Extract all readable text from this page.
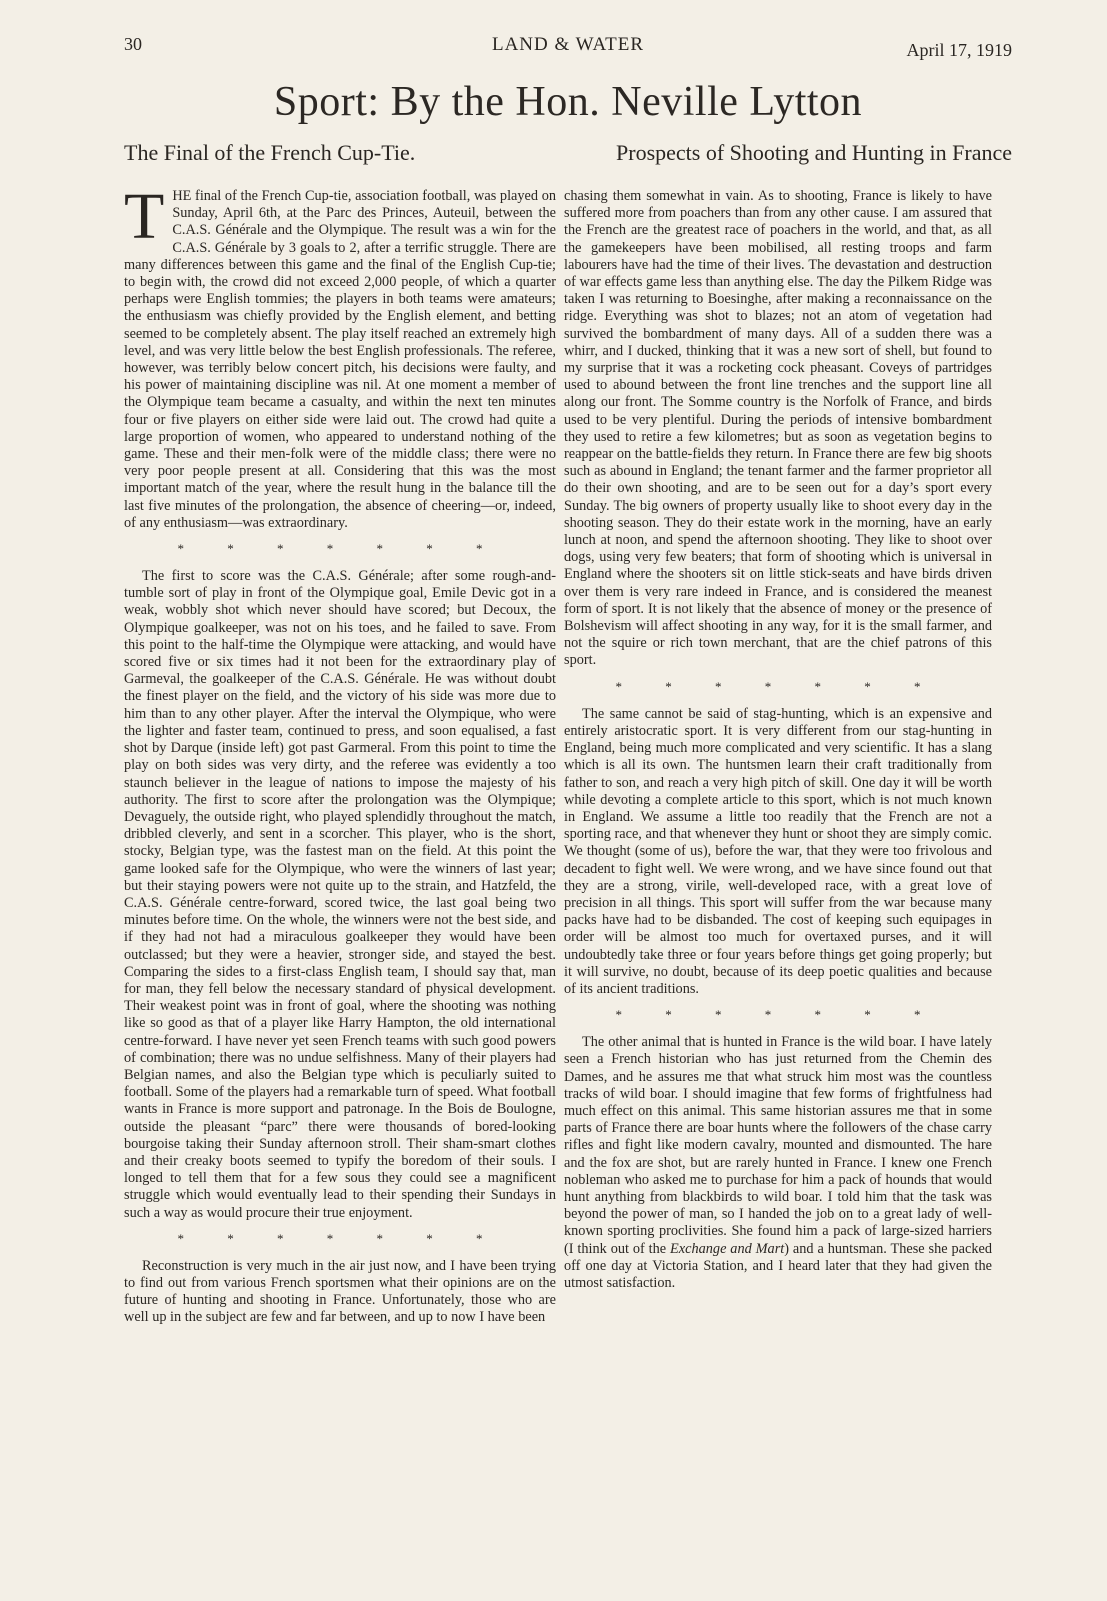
30	LAND & WATER	April 17, 1919
Sport: By the Hon. Neville Lytton
The Final of the French Cup-Tie.	Prospects of Shooting and Hunting in France

THE final of the French Cup-tie, association football, was played on Sunday, April 6th, at the Parc des Princes, Auteuil, between the C.A.S. Générale and the Olympique. The result was a win for the C.A.S. Générale by 3 goals to 2, after a terrific struggle. There are many differences between this game and the final of the English Cup-tie; to begin with, the crowd did not exceed 2,000 people, of which a quarter perhaps were English tommies; the players in both teams were amateurs; the enthusiasm was chiefly provided by the English element, and betting seemed to be completely absent. The play itself reached an extremely high level, and was very little below the best English professionals. The referee, however, was terribly below concert pitch, his decisions were faulty, and his power of maintaining discipline was nil. At one moment a member of the Olympique team became a casualty, and within the next ten minutes four or five players on either side were laid out. The crowd had quite a large proportion of women, who appeared to understand nothing of the game. These and their men-folk were of the middle class; there were no very poor people present at all. Considering that this was the most important match of the year, where the result hung in the balance till the last five minutes of the prolongation, the absence of cheering—or, indeed, of any enthusiasm—was extraordinary.

* * * * * * *

The first to score was the C.A.S. Générale; after some rough-and-tumble sort of play in front of the Olympique goal, Emile Devic got in a weak, wobbly shot which never should have scored; but Decoux, the Olympique goalkeeper, was not on his toes, and he failed to save. From this point to the half-time the Olympique were attacking, and would have scored five or six times had it not been for the extraordinary play of Garmeval, the goalkeeper of the C.A.S. Générale. He was without doubt the finest player on the field, and the victory of his side was more due to him than to any other player. After the interval the Olympique, who were the lighter and faster team, continued to press, and soon equalised, a fast shot by Darque (inside left) got past Garmeral. From this point to time the play on both sides was very dirty, and the referee was evidently a too staunch believer in the league of nations to impose the majesty of his authority. The first to score after the prolongation was the Olympique; Devaguely, the outside right, who played splendidly throughout the match, dribbled cleverly, and sent in a scorcher. This player, who is the short, stocky, Belgian type, was the fastest man on the field. At this point the game looked safe for the Olympique, who were the winners of last year; but their staying powers were not quite up to the strain, and Hatzfeld, the C.A.S. Générale centre-forward, scored twice, the last goal being two minutes before time. On the whole, the winners were not the best side, and if they had not had a miraculous goalkeeper they would have been outclassed; but they were a heavier, stronger side, and stayed the best. Comparing the sides to a first-class English team, I should say that, man for man, they fell below the necessary standard of physical development. Their weakest point was in front of goal, where the shooting was nothing like so good as that of a player like Harry Hampton, the old international centre-forward. I have never yet seen French teams with such good powers of combination; there was no undue selfishness. Many of their players had Belgian names, and also the Belgian type which is peculiarly suited to football. Some of the players had a remarkable turn of speed. What football wants in France is more support and patronage. In the Bois de Boulogne, outside the pleasant “parc” there were thousands of bored-looking bourgoise taking their Sunday afternoon stroll. Their sham-smart clothes and their creaky boots seemed to typify the boredom of their souls. I longed to tell them that for a few sous they could see a magnificent struggle which would eventually lead to their spending their Sundays in such a way as would procure their true enjoyment.

* * * * * * *

Reconstruction is very much in the air just now, and I have been trying to find out from various French sportsmen what their opinions are on the future of hunting and shooting in France. Unfortunately, those who are well up in the subject are few and far between, and up to now I have been

chasing them somewhat in vain. As to shooting, France is likely to have suffered more from poachers than from any other cause. I am assured that the French are the greatest race of poachers in the world, and that, as all the gamekeepers have been mobilised, all resting troops and farm labourers have had the time of their lives. The devastation and destruction of war effects game less than anything else. The day the Pilkem Ridge was taken I was returning to Boesinghe, after making a reconnaissance on the ridge. Everything was shot to blazes; not an atom of vegetation had survived the bombardment of many days. All of a sudden there was a whirr, and I ducked, thinking that it was a new sort of shell, but found to my surprise that it was a rocketing cock pheasant. Coveys of partridges used to abound between the front line trenches and the support line all along our front. The Somme country is the Norfolk of France, and birds used to be very plentiful. During the periods of intensive bombardment they used to retire a few kilometres; but as soon as vegetation begins to reappear on the battle-fields they return. In France there are few big shoots such as abound in England; the tenant farmer and the farmer proprietor all do their own shooting, and are to be seen out for a day’s sport every Sunday. The big owners of property usually like to shoot every day in the shooting season. They do their estate work in the morning, have an early lunch at noon, and spend the afternoon shooting. They like to shoot over dogs, using very few beaters; that form of shooting which is universal in England where the shooters sit on little stick-seats and have birds driven over them is very rare indeed in France, and is considered the meanest form of sport. It is not likely that the absence of money or the presence of Bolshevism will affect shooting in any way, for it is the small farmer, and not the squire or rich town merchant, that are the chief patrons of this sport.

* * * * * * *

The same cannot be said of stag-hunting, which is an expensive and entirely aristocratic sport. It is very different from our stag-hunting in England, being much more complicated and very scientific. It has a slang which is all its own. The huntsmen learn their craft traditionally from father to son, and reach a very high pitch of skill. One day it will be worth while devoting a complete article to this sport, which is not much known in England. We assume a little too readily that the French are not a sporting race, and that whenever they hunt or shoot they are simply comic. We thought (some of us), before the war, that they were too frivolous and decadent to fight well. We were wrong, and we have since found out that they are a strong, virile, well-developed race, with a great love of precision in all things. This sport will suffer from the war because many packs have had to be disbanded. The cost of keeping such equipages in order will be almost too much for overtaxed purses, and it will undoubtedly take three or four years before things get going properly; but it will survive, no doubt, because of its deep poetic qualities and because of its ancient traditions.

* * * * * * *

The other animal that is hunted in France is the wild boar. I have lately seen a French historian who has just returned from the Chemin des Dames, and he assures me that what struck him most was the countless tracks of wild boar. I should imagine that few forms of frightfulness had much effect on this animal. This same historian assures me that in some parts of France there are boar hunts where the followers of the chase carry rifles and fight like modern cavalry, mounted and dismounted. The hare and the fox are shot, but are rarely hunted in France. I knew one French nobleman who asked me to purchase for him a pack of hounds that would hunt anything from blackbirds to wild boar. I told him that the task was beyond the power of man, so I handed the job on to a great lady of well-known sporting proclivities. She found him a pack of large-sized harriers (I think out of the Exchange and Mart) and a huntsman. These she packed off one day at Victoria Station, and I heard later that they had given the utmost satisfaction.
